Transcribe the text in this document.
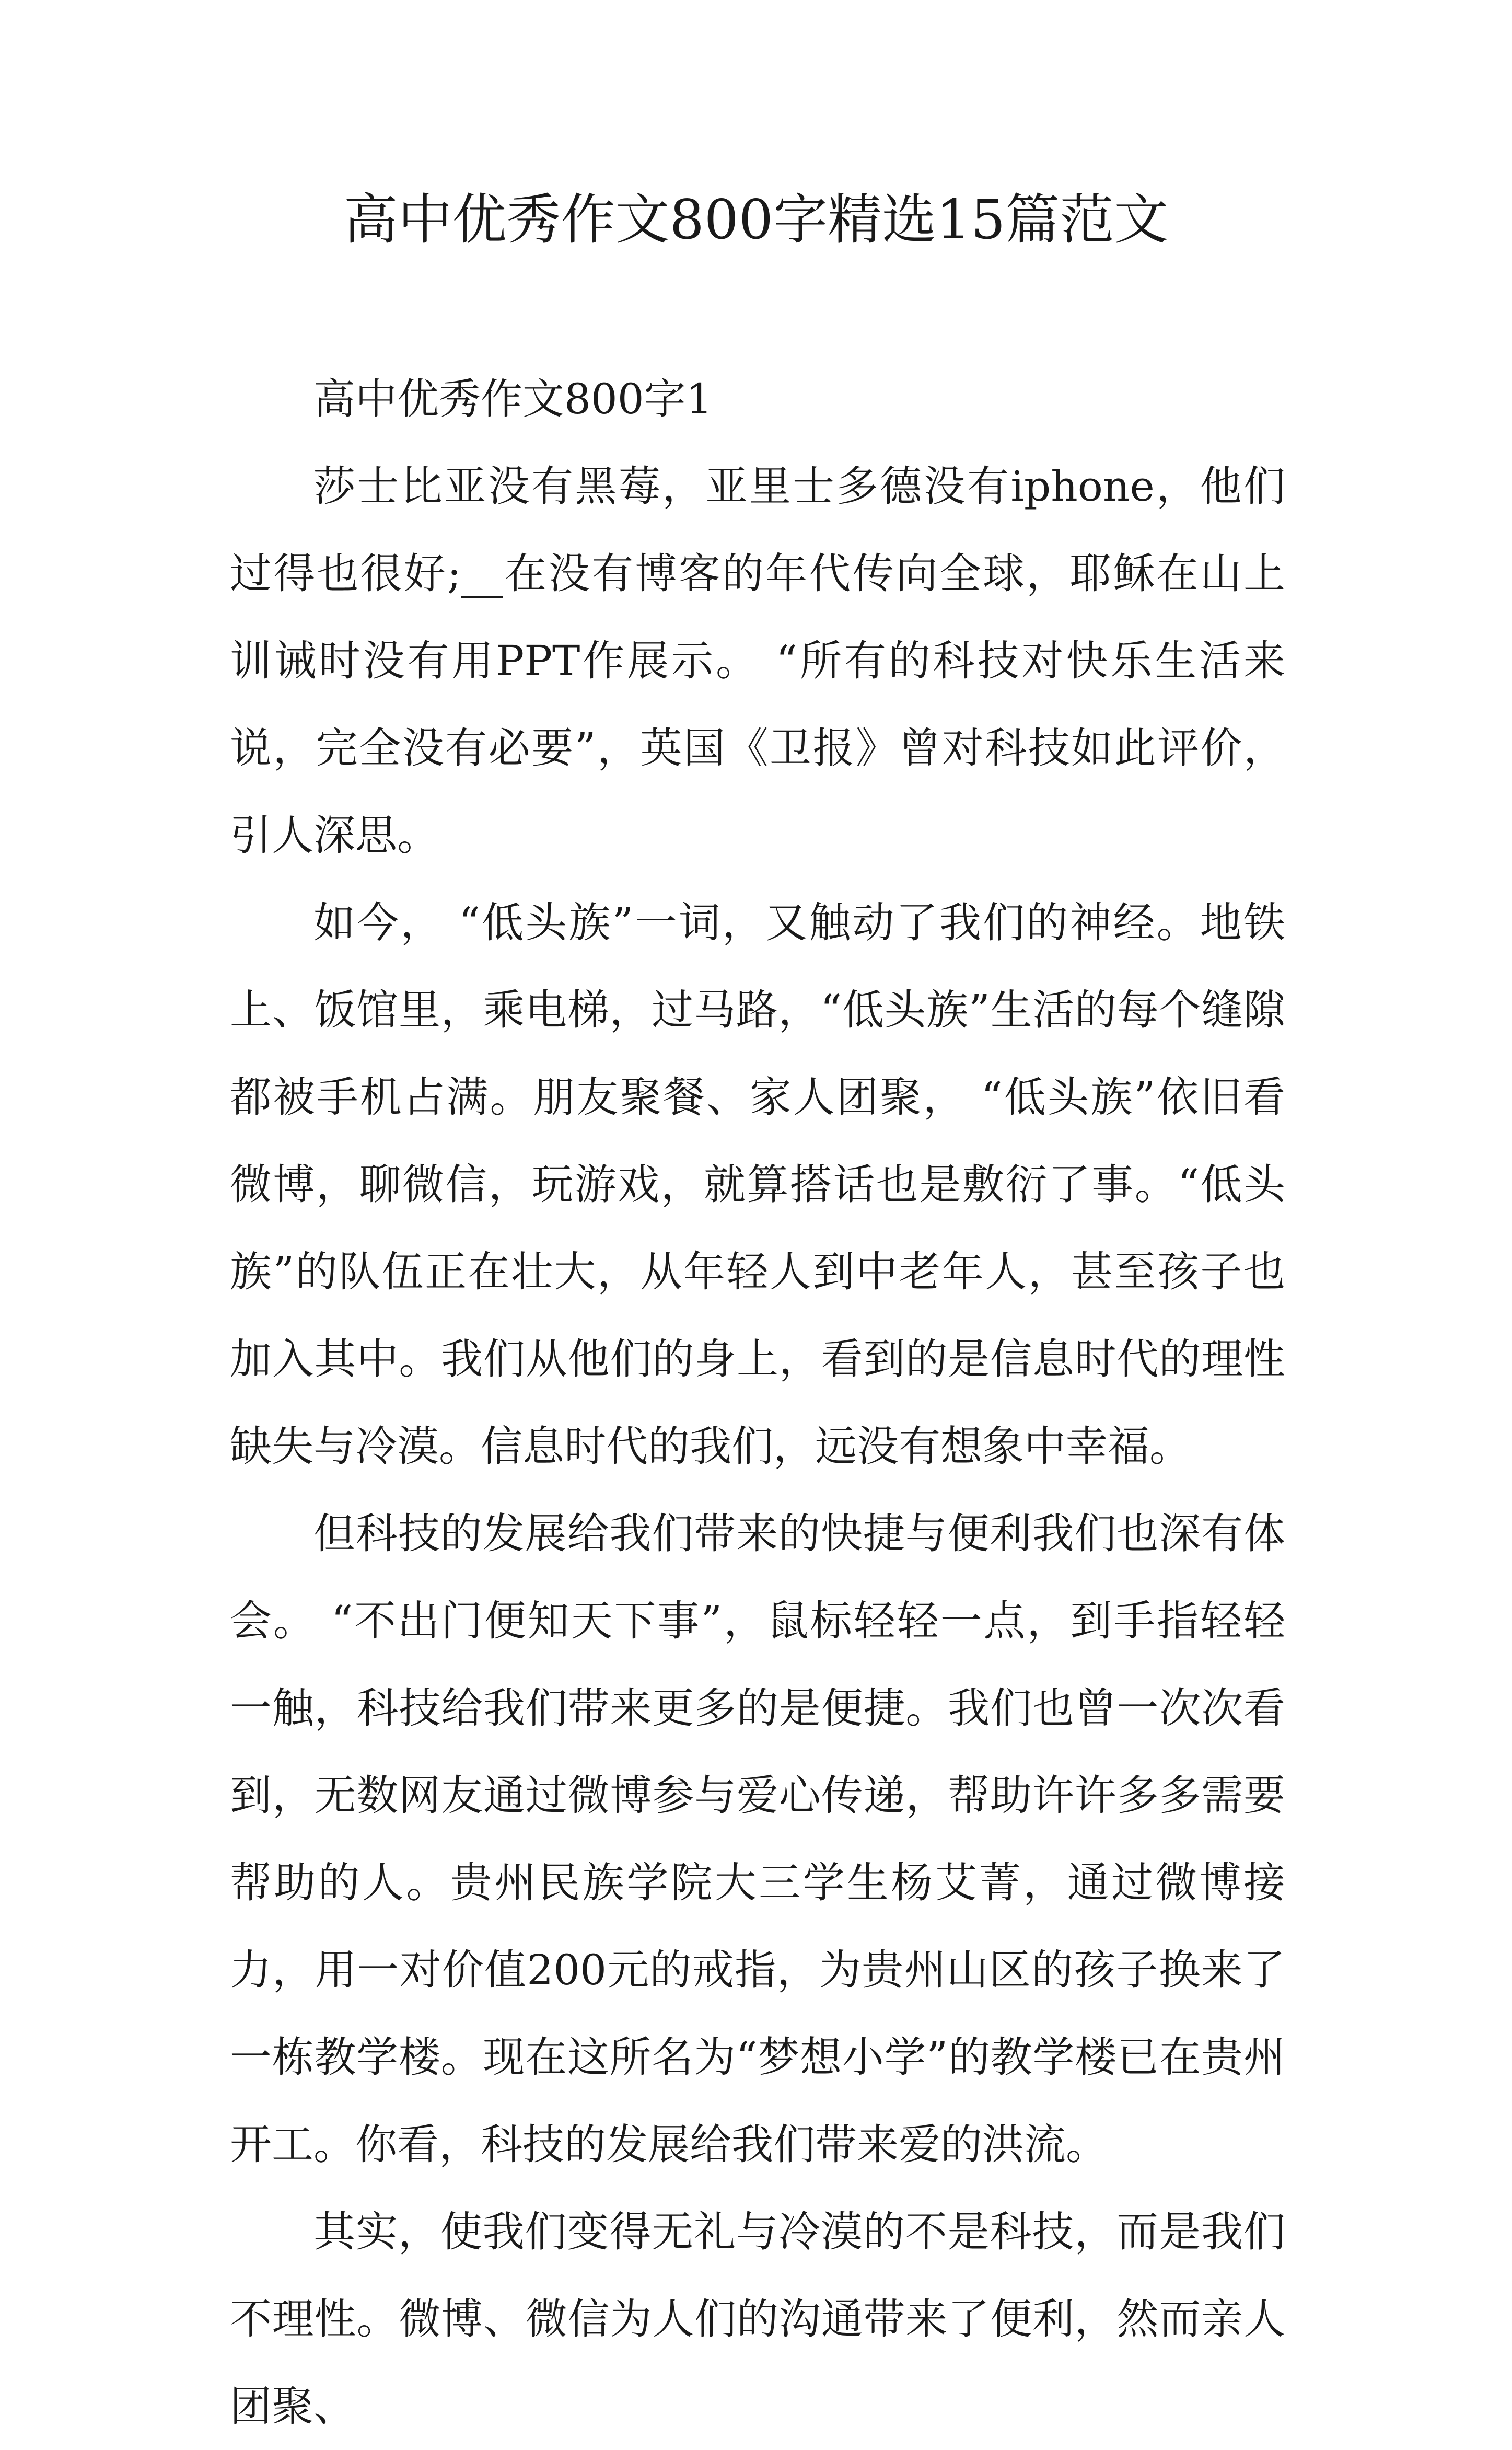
高中优秀作文800字精选15篇范文

高中优秀作文800字1

莎士比亚没有黑莓，亚里士多德没有iphone，他们过得也很好;__在没有博客的年代传向全球，耶稣在山上训诫时没有用PPT作展示。 “所有的科技对快乐生活来说，完全没有必要”，英国《卫报》曾对科技如此评价，引人深思。

如今， “低头族”一词，又触动了我们的神经。地铁上、饭馆里，乘电梯，过马路，“低头族”生活的每个缝隙都被手机占满。朋友聚餐、家人团聚， “低头族”依旧看微博，聊微信，玩游戏，就算搭话也是敷衍了事。“低头族”的队伍正在壮大，从年轻人到中老年人，甚至孩子也加入其中。我们从他们的身上，看到的是信息时代的理性缺失与冷漠。信息时代的我们，远没有想象中幸福。

但科技的发展给我们带来的快捷与便利我们也深有体会。 “不出门便知天下事”，鼠标轻轻一点，到手指轻轻一触，科技给我们带来更多的是便捷。我们也曾一次次看到，无数网友通过微博参与爱心传递，帮助许许多多需要帮助的人。贵州民族学院大三学生杨艾菁，通过微博接力，用一对价值200元的戒指，为贵州山区的孩子换来了一栋教学楼。现在这所名为“梦想小学”的教学楼已在贵州开工。你看，科技的发展给我们带来爱的洪流。

其实，使我们变得无礼与冷漠的不是科技，而是我们不理性。微博、微信为人们的沟通带来了便利，然而亲人团聚、
